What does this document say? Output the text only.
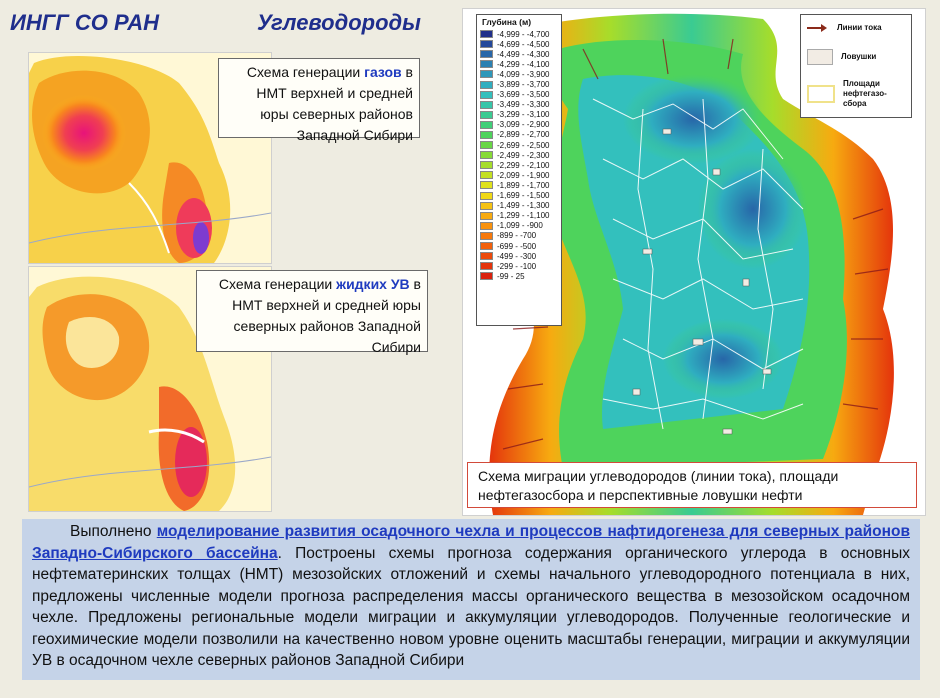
ИНГГ СО РАН	Углеводороды
Схема генерации газов в НМТ верхней и средней юры северных районов Западной Сибири
Схема генерации жидких УВ в НМТ верхней и средней юры северных районов Западной Сибири
Глубина (м)
-4,999 - -4,700
-4,699 - -4,500
-4,499 - -4,300
-4,299 - -4,100
-4,099 - -3,900
-3,899 - -3,700
-3,699 - -3,500
-3,499 - -3,300
-3,299 - -3,100
-3,099 - -2,900
-2,899 - -2,700
-2,699 - -2,500
-2,499 - -2,300
-2,299 - -2,100
-2,099 - -1,900
-1,899 - -1,700
-1,699 - -1,500
-1,499 - -1,300
-1,299 - -1,100
-1,099 - -900
-899 - -700
-699 - -500
-499 - -300
-299 - -100
-99 - 25
Линии тока
Ловушки
Площади нефтегазо-сбора
Схема миграции углеводородов (линии тока), площади нефтегазосбора и перспективные ловушки нефти
Выполнено моделирование развития осадочного чехла и процессов нафтидогенеза для северных районов Западно-Сибирского бассейна. Построены схемы прогноза содержания органического углерода в основных нефтематеринских толщах (НМТ) мезозойских отложений и схемы начального углеводородного потенциала в них, предложены численные модели прогноза распределения массы органического вещества в мезозойском осадочном чехле. Предложены региональные модели миграции и аккумуляции углеводородов. Полученные геологические и геохимические модели позволили на качественно новом уровне оценить масштабы генерации, миграции и аккумуляции УВ в осадочном чехле северных районов Западной Сибири
